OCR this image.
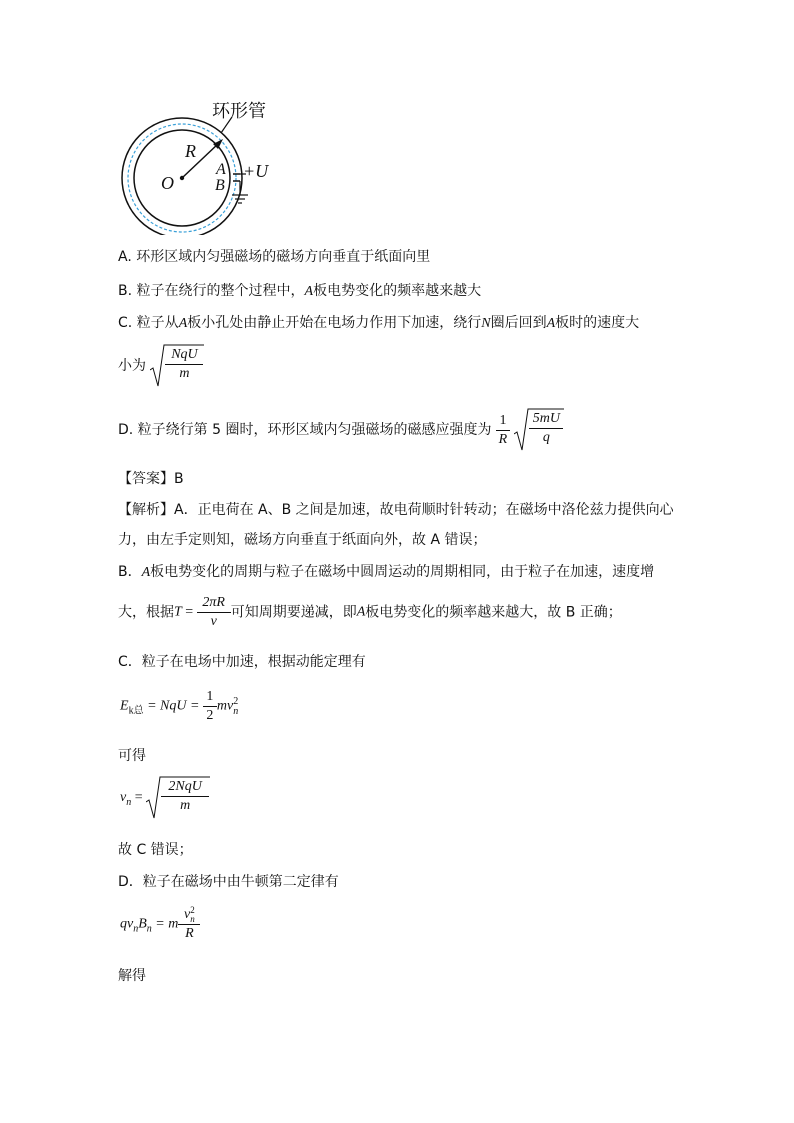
环形管
R
O
A
B
+U
A. 环形区域内匀强磁场的磁场方向垂直于纸面向里
B. 粒子在绕行的整个过程中，A板电势变化的频率越来越大
C. 粒子从A板小孔处由静止开始在电场力作用下加速，绕行N圈后回到A板时的速度大
小为
NqU
m
D. 粒子绕行第 5 圈时，环形区域内匀强磁场的磁感应强度为 $\frac{1}{R}$
$\frac{5mU}{q}$
【答案】B
【解析】A．正电荷在 A、B 之间是加速，故电荷顺时针转动；在磁场中洛伦兹力提供向心
力，由左手定则知，磁场方向垂直于纸面向外，故 A 错误；
B．A板电势变化的周期与粒子在磁场中圆周运动的周期相同，由于粒子在加速，速度增
大，根据$T = \frac{2\pi R}{v}$ 可知周期要递减，即A板电势变化的频率越来越大，故 B 正确；
C．粒子在电场中加速，根据动能定理有
$E_{k总}$ = NqU = $\frac{1}{2}$ mv 2
n
可得
$v_n$ =
2NqU
m
故 C 错误；
D．粒子在磁场中由牛顿第二定律有
$qv_nB_n = m$ v 2
n
R
解得
